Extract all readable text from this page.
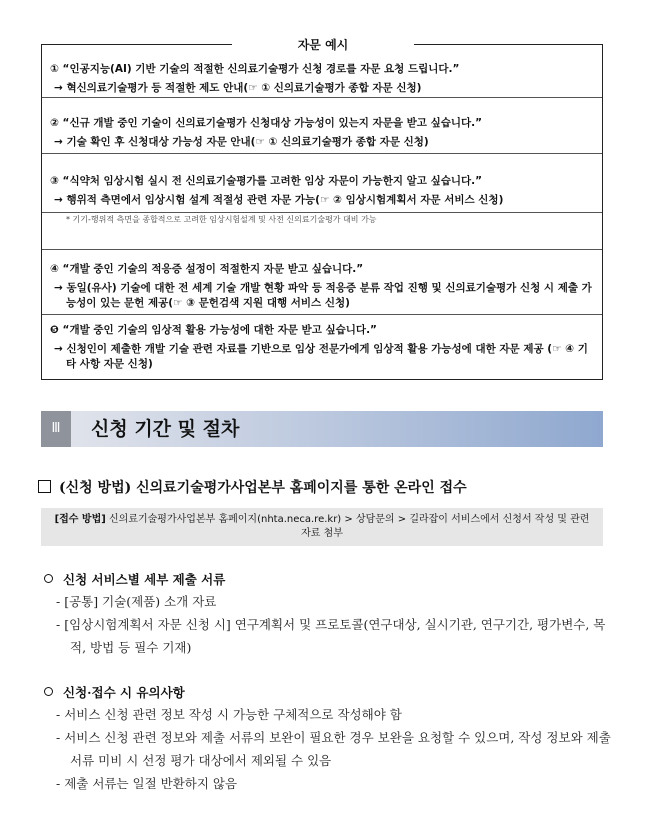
① “인공지능(AI) 기반 기술의 적절한 신의료기술평가 신청 경로를 자문 요청 드립니다.”
→ 혁신의료기술평가 등 적절한 제도 안내(☞ ① 신의료기술평가 종합 자문 신청)
② “신규 개발 중인 기술이 신의료기술평가 신청대상 가능성이 있는지 자문을 받고 싶습니다.”
→ 기술 확인 후 신청대상 가능성 자문 안내(☞ ① 신의료기술평가 종합 자문 신청)
③ “식약처 임상시험 실시 전 신의료기술평가를 고려한 임상 자문이 가능한지 알고 싶습니다.”
→ 행위적 측면에서 임상시험 설계 적절성 관련 자문 가능(☞ ② 임상시험계획서 자문 서비스 신청)
* 기기-행위적 측면을 종합적으로 고려한 임상시험설계 및 사전 신의료기술평가 대비 가능
④ “개발 중인 기술의 적응증 설정이 적절한지 자문 받고 싶습니다.”
→ 동일(유사) 기술에 대한 전 세계 기술 개발 현황 파악 등 적응증 분류 작업 진행 및 신의료기술평가 신청 시 제출 가능성이 있는 문헌 제공(☞ ③ 문헌검색 지원 대행 서비스 신청)
❺ “개발 중인 기술의 임상적 활용 가능성에 대한 자문 받고 싶습니다.”
→ 신청인이 제출한 개발 기술 관련 자료를 기반으로 임상 전문가에게 임상적 활용 가능성에 대한 자문 제공 (☞ ④ 기타 사항 자문 신청)
자문 예시
Ⅲ	신청 기간 및 절차
(신청 방법) 신의료기술평가사업본부 홈페이지를 통한 온라인 접수
[접수 방법] 신의료기술평가사업본부 홈페이지(nhta.neca.re.kr) > 상담문의 > 길라잡이 서비스에서 신청서 작성 및 관련 자료 첨부
신청 서비스별 세부 제출 서류
- [공통] 기술(제품) 소개 자료
- [임상시험계획서 자문 신청 시] 연구계획서 및 프로토콜(연구대상, 실시기관, 연구기간, 평가변수, 목적, 방법 등 필수 기재)
신청·접수 시 유의사항
- 서비스 신청 관련 정보 작성 시 가능한 구체적으로 작성해야 함
- 서비스 신청 관련 정보와 제출 서류의 보완이 필요한 경우 보완을 요청할 수 있으며, 작성 정보와 제출 서류 미비 시 선정 평가 대상에서 제외될 수 있음
- 제출 서류는 일절 반환하지 않음
